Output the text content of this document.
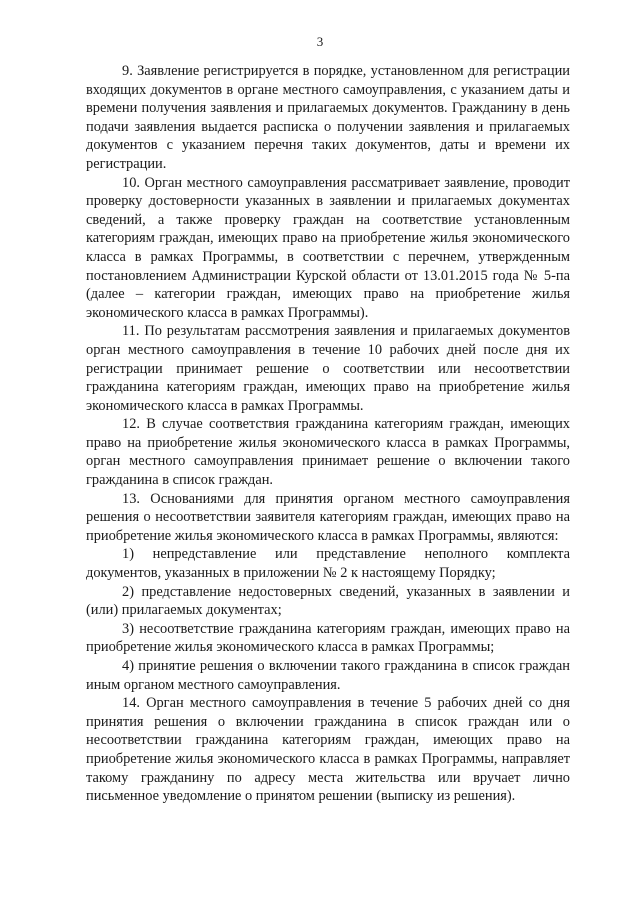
3

9. Заявление регистрируется в порядке, установленном для регистрации входящих документов в органе местного самоуправления, с указанием даты и времени получения заявления и прилагаемых документов. Гражданину в день подачи заявления выдается расписка о получении заявления и прилагаемых документов с указанием перечня таких документов, даты и времени их регистрации.

10. Орган местного самоуправления рассматривает заявление, проводит проверку достоверности указанных в заявлении и прилагаемых документах сведений, а также проверку граждан на соответствие установленным категориям граждан, имеющих право на приобретение жилья экономического класса в рамках Программы, в соответствии с перечнем, утвержденным постановлением Администрации Курской области от 13.01.2015 года № 5-па (далее – категории граждан, имеющих право на приобретение жилья экономического класса в рамках Программы).

11. По результатам рассмотрения заявления и прилагаемых документов орган местного самоуправления в течение 10 рабочих дней после дня их регистрации принимает решение о соответствии или несоответствии гражданина категориям граждан, имеющих право на приобретение жилья экономического класса в рамках Программы.

12. В случае соответствия гражданина категориям граждан, имеющих право на приобретение жилья экономического класса в рамках Программы, орган местного самоуправления принимает решение о включении такого гражданина в список граждан.

13. Основаниями для принятия органом местного самоуправления решения о несоответствии заявителя категориям граждан, имеющих право на приобретение жилья экономического класса в рамках Программы, являются:

1) непредставление или представление неполного комплекта документов, указанных в приложении № 2 к настоящему Порядку;

2) представление недостоверных сведений, указанных в заявлении и (или) прилагаемых документах;

3) несоответствие гражданина категориям граждан, имеющих право на приобретение жилья экономического класса в рамках Программы;

4) принятие решения о включении такого гражданина в список граждан иным органом местного самоуправления.

14. Орган местного самоуправления в течение 5 рабочих дней со дня принятия решения о включении гражданина в список граждан или о несоответствии гражданина категориям граждан, имеющих право на приобретение жилья экономического класса в рамках Программы, направляет такому гражданину по адресу места жительства или вручает лично письменное уведомление о принятом решении (выписку из решения).
